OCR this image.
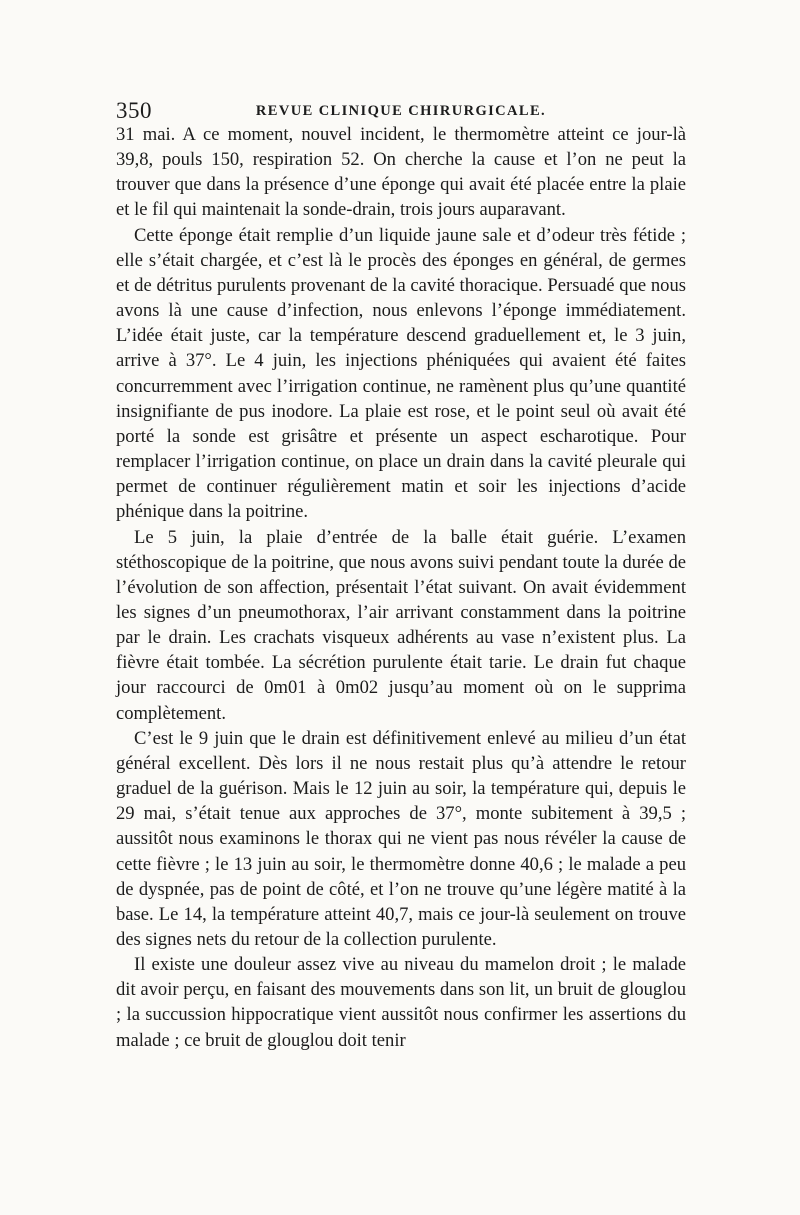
350	REVUE CLINIQUE CHIRURGICALE.

31 mai. A ce moment, nouvel incident, le thermomètre atteint ce jour-là 39,8, pouls 150, respiration 52. On cherche la cause et l’on ne peut la trouver que dans la présence d’une éponge qui avait été placée entre la plaie et le fil qui maintenait la sonde-drain, trois jours auparavant.

Cette éponge était remplie d’un liquide jaune sale et d’odeur très fétide ; elle s’était chargée, et c’est là le procès des éponges en général, de germes et de détritus purulents provenant de la cavité thoracique. Persuadé que nous avons là une cause d’infection, nous enlevons l’éponge immédiatement. L’idée était juste, car la température descend graduellement et, le 3 juin, arrive à 37°. Le 4 juin, les injections phéniquées qui avaient été faites concurremment avec l’irrigation continue, ne ramènent plus qu’une quantité insignifiante de pus inodore. La plaie est rose, et le point seul où avait été porté la sonde est grisâtre et présente un aspect escharotique. Pour remplacer l’irrigation continue, on place un drain dans la cavité pleurale qui permet de continuer régulièrement matin et soir les injections d’acide phénique dans la poitrine.

Le 5 juin, la plaie d’entrée de la balle était guérie. L’examen stéthoscopique de la poitrine, que nous avons suivi pendant toute la durée de l’évolution de son affection, présentait l’état suivant. On avait évidemment les signes d’un pneumothorax, l’air arrivant constamment dans la poitrine par le drain. Les crachats visqueux adhérents au vase n’existent plus. La fièvre était tombée. La sécrétion purulente était tarie. Le drain fut chaque jour raccourci de 0m01 à 0m02 jusqu’au moment où on le supprima complètement.

C’est le 9 juin que le drain est définitivement enlevé au milieu d’un état général excellent. Dès lors il ne nous restait plus qu’à attendre le retour graduel de la guérison. Mais le 12 juin au soir, la température qui, depuis le 29 mai, s’était tenue aux approches de 37°, monte subitement à 39,5 ; aussitôt nous examinons le thorax qui ne vient pas nous révéler la cause de cette fièvre ; le 13 juin au soir, le thermomètre donne 40,6 ; le malade a peu de dyspnée, pas de point de côté, et l’on ne trouve qu’une légère matité à la base. Le 14, la température atteint 40,7, mais ce jour-là seulement on trouve des signes nets du retour de la collection purulente.

Il existe une douleur assez vive au niveau du mamelon droit ; le malade dit avoir perçu, en faisant des mouvements dans son lit, un bruit de glouglou ; la succussion hippocratique vient aussitôt nous confirmer les assertions du malade ; ce bruit de glouglou doit tenir
